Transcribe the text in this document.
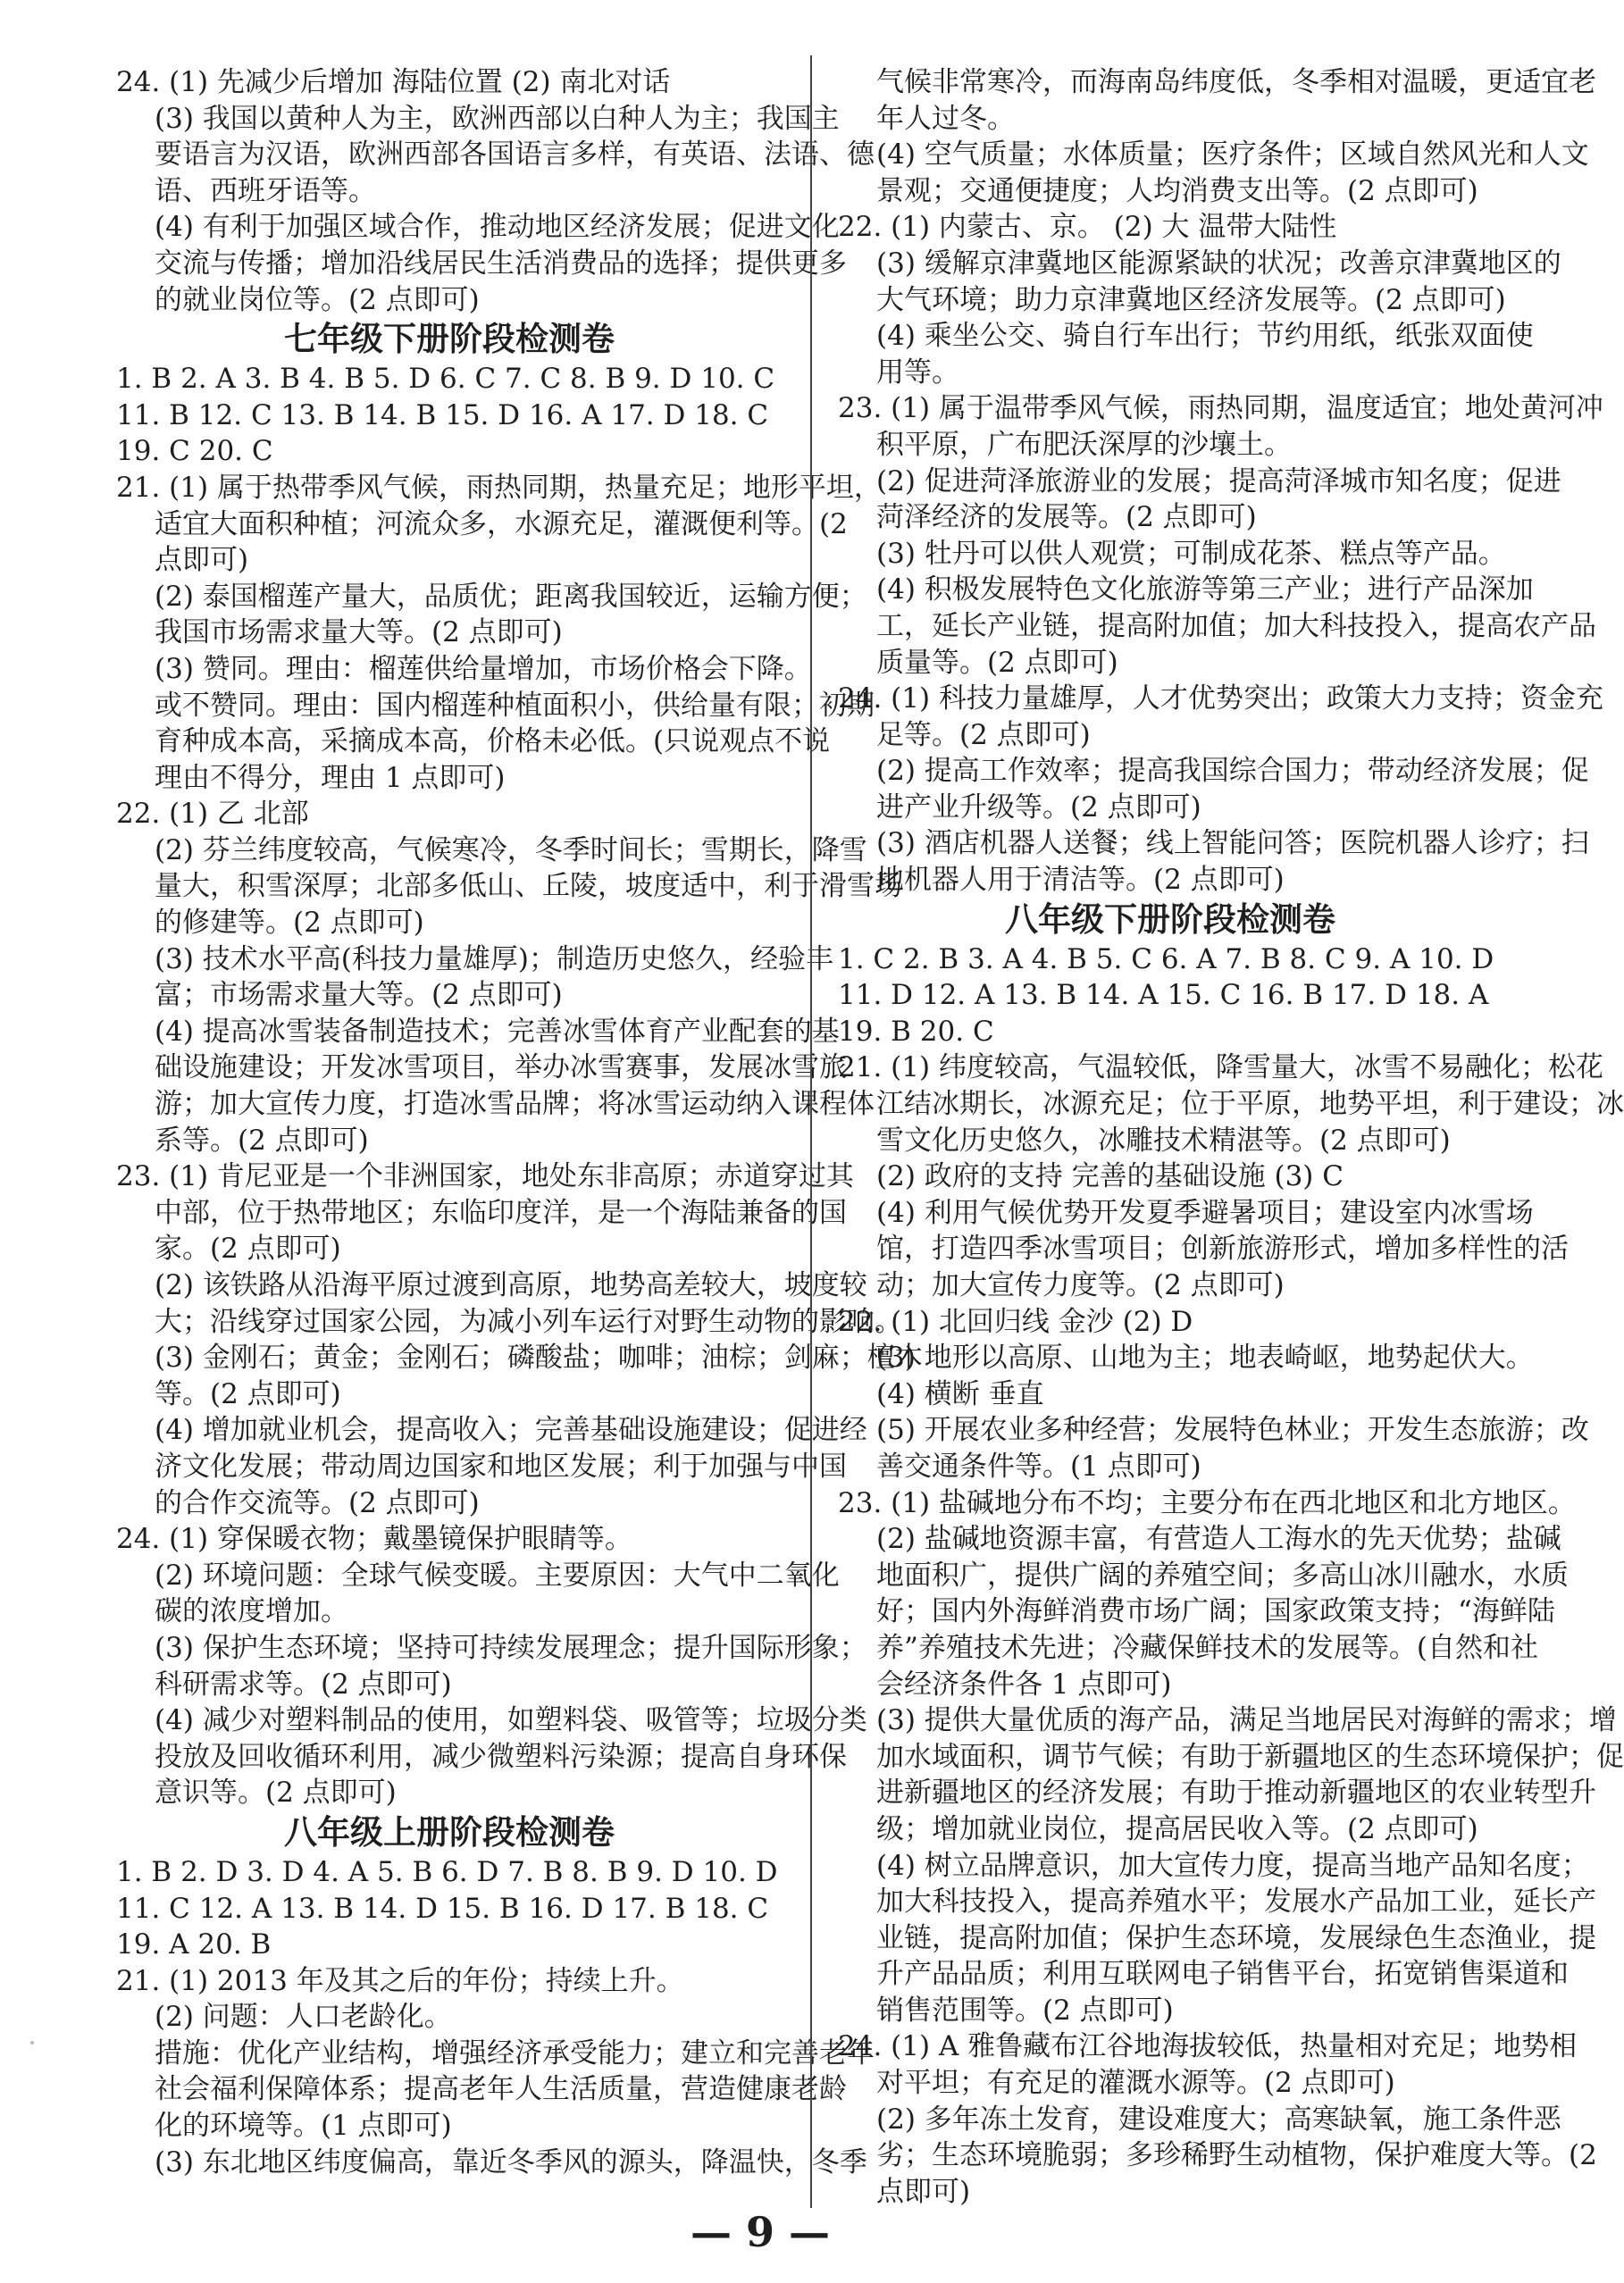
24. (1) 先减少后增加 海陆位置 (2) 南北对话
(3) 我国以黄种人为主，欧洲西部以白种人为主；我国主
要语言为汉语，欧洲西部各国语言多样，有英语、法语、德
语、西班牙语等。
(4) 有利于加强区域合作，推动地区经济发展；促进文化
交流与传播；增加沿线居民生活消费品的选择；提供更多
的就业岗位等。(2 点即可)
七年级下册阶段检测卷
1. B 2. A 3. B 4. B 5. D 6. C 7. C 8. B 9. D 10. C
11. B 12. C 13. B 14. B 15. D 16. A 17. D 18. C
19. C 20. C
21. (1) 属于热带季风气候，雨热同期，热量充足；地形平坦，
适宜大面积种植；河流众多，水源充足，灌溉便利等。(2
点即可)
(2) 泰国榴莲产量大，品质优；距离我国较近，运输方便；
我国市场需求量大等。(2 点即可)
(3) 赞同。理由：榴莲供给量增加，市场价格会下降。
或不赞同。理由：国内榴莲种植面积小，供给量有限；初期
育种成本高，采摘成本高，价格未必低。(只说观点不说
理由不得分，理由 1 点即可)
22. (1) 乙 北部
(2) 芬兰纬度较高，气候寒冷，冬季时间长；雪期长，降雪
量大，积雪深厚；北部多低山、丘陵，坡度适中，利于滑雪场
的修建等。(2 点即可)
(3) 技术水平高(科技力量雄厚)；制造历史悠久，经验丰
富；市场需求量大等。(2 点即可)
(4) 提高冰雪装备制造技术；完善冰雪体育产业配套的基
础设施建设；开发冰雪项目，举办冰雪赛事，发展冰雪旅
游；加大宣传力度，打造冰雪品牌；将冰雪运动纳入课程体
系等。(2 点即可)
23. (1) 肯尼亚是一个非洲国家，地处东非高原；赤道穿过其
中部，位于热带地区；东临印度洋，是一个海陆兼备的国
家。(2 点即可)
(2) 该铁路从沿海平原过渡到高原，地势高差较大，坡度较
大；沿线穿过国家公园，为减小列车运行对野生动物的影响。
(3) 金刚石；黄金；金刚石；磷酸盐；咖啡；油棕；剑麻；檀木
等。(2 点即可)
(4) 增加就业机会，提高收入；完善基础设施建设；促进经
济文化发展；带动周边国家和地区发展；利于加强与中国
的合作交流等。(2 点即可)
24. (1) 穿保暖衣物；戴墨镜保护眼睛等。
(2) 环境问题：全球气候变暖。主要原因：大气中二氧化
碳的浓度增加。
(3) 保护生态环境；坚持可持续发展理念；提升国际形象；
科研需求等。(2 点即可)
(4) 减少对塑料制品的使用，如塑料袋、吸管等；垃圾分类
投放及回收循环利用，减少微塑料污染源；提高自身环保
意识等。(2 点即可)
八年级上册阶段检测卷
1. B 2. D 3. D 4. A 5. B 6. D 7. B 8. B 9. D 10. D
11. C 12. A 13. B 14. D 15. B 16. D 17. B 18. C
19. A 20. B
21. (1) 2013 年及其之后的年份；持续上升。
(2) 问题：人口老龄化。
措施：优化产业结构，增强经济承受能力；建立和完善老年
社会福利保障体系；提高老年人生活质量，营造健康老龄
化的环境等。(1 点即可)
(3) 东北地区纬度偏高，靠近冬季风的源头，降温快，冬季
气候非常寒冷，而海南岛纬度低，冬季相对温暖，更适宜老
年人过冬。
(4) 空气质量；水体质量；医疗条件；区域自然风光和人文
景观；交通便捷度；人均消费支出等。(2 点即可)
22. (1) 内蒙古、京。 (2) 大 温带大陆性
(3) 缓解京津冀地区能源紧缺的状况；改善京津冀地区的
大气环境；助力京津冀地区经济发展等。(2 点即可)
(4) 乘坐公交、骑自行车出行；节约用纸，纸张双面使
用等。
23. (1) 属于温带季风气候，雨热同期，温度适宜；地处黄河冲
积平原，广布肥沃深厚的沙壤土。
(2) 促进菏泽旅游业的发展；提高菏泽城市知名度；促进
菏泽经济的发展等。(2 点即可)
(3) 牡丹可以供人观赏；可制成花茶、糕点等产品。
(4) 积极发展特色文化旅游等第三产业；进行产品深加
工，延长产业链，提高附加值；加大科技投入，提高农产品
质量等。(2 点即可)
24. (1) 科技力量雄厚，人才优势突出；政策大力支持；资金充
足等。(2 点即可)
(2) 提高工作效率；提高我国综合国力；带动经济发展；促
进产业升级等。(2 点即可)
(3) 酒店机器人送餐；线上智能问答；医院机器人诊疗；扫
地机器人用于清洁等。(2 点即可)
八年级下册阶段检测卷
1. C 2. B 3. A 4. B 5. C 6. A 7. B 8. C 9. A 10. D
11. D 12. A 13. B 14. A 15. C 16. B 17. D 18. A
19. B 20. C
21. (1) 纬度较高，气温较低，降雪量大，冰雪不易融化；松花
江结冰期长，冰源充足；位于平原，地势平坦，利于建设；冰
雪文化历史悠久，冰雕技术精湛等。(2 点即可)
(2) 政府的支持 完善的基础设施 (3) C
(4) 利用气候优势开发夏季避暑项目；建设室内冰雪场
馆，打造四季冰雪项目；创新旅游形式，增加多样性的活
动；加大宣传力度等。(2 点即可)
22. (1) 北回归线 金沙 (2) D
(3) 地形以高原、山地为主；地表崎岖，地势起伏大。
(4) 横断 垂直
(5) 开展农业多种经营；发展特色林业；开发生态旅游；改
善交通条件等。(1 点即可)
23. (1) 盐碱地分布不均；主要分布在西北地区和北方地区。
(2) 盐碱地资源丰富，有营造人工海水的先天优势；盐碱
地面积广，提供广阔的养殖空间；多高山冰川融水，水质
好；国内外海鲜消费市场广阔；国家政策支持；“海鲜陆
养”养殖技术先进；冷藏保鲜技术的发展等。(自然和社
会经济条件各 1 点即可)
(3) 提供大量优质的海产品，满足当地居民对海鲜的需求；增
加水域面积，调节气候；有助于新疆地区的生态环境保护；促
进新疆地区的经济发展；有助于推动新疆地区的农业转型升
级；增加就业岗位，提高居民收入等。(2 点即可)
(4) 树立品牌意识，加大宣传力度，提高当地产品知名度；
加大科技投入，提高养殖水平；发展水产品加工业，延长产
业链，提高附加值；保护生态环境，发展绿色生态渔业，提
升产品品质；利用互联网电子销售平台，拓宽销售渠道和
销售范围等。(2 点即可)
24. (1) A 雅鲁藏布江谷地海拔较低，热量相对充足；地势相
对平坦；有充足的灌溉水源等。(2 点即可)
(2) 多年冻土发育，建设难度大；高寒缺氧，施工条件恶
劣；生态环境脆弱；多珍稀野生动植物，保护难度大等。(2
点即可)
— 9 —
